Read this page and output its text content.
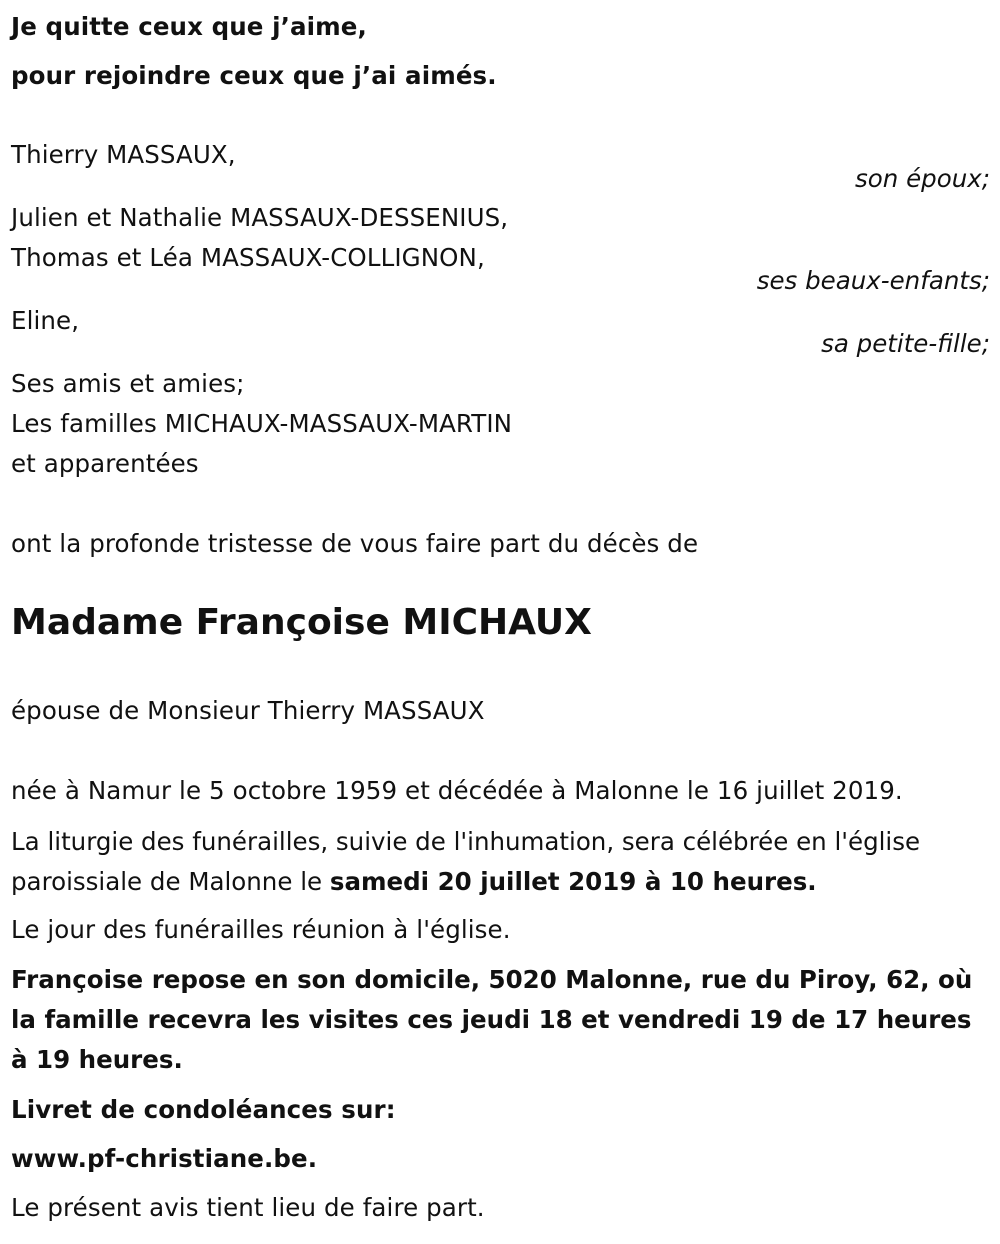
Je quitte ceux que j’aime,
pour rejoindre ceux que j’ai aimés.
Thierry MASSAUX,
son époux;
Julien et Nathalie MASSAUX-DESSENIUS,
Thomas et Léa MASSAUX-COLLIGNON,
ses beaux-enfants;
Eline,
sa petite-fille;
Ses amis et amies;
Les familles MICHAUX-MASSAUX-MARTIN
et apparentées
ont la profonde tristesse de vous faire part du décès de
Madame Françoise MICHAUX
épouse de Monsieur Thierry MASSAUX
née à Namur le 5 octobre 1959 et décédée à Malonne le 16 juillet 2019.
La liturgie des funérailles, suivie de l'inhumation, sera célébrée en l'église paroissiale de Malonne le samedi 20 juillet 2019 à 10 heures.
Le jour des funérailles réunion à l'église.
Françoise repose en son domicile, 5020 Malonne, rue du Piroy, 62, où la famille recevra les visites ces jeudi 18 et vendredi 19 de 17 heures à 19 heures.
Livret de condoléances sur:
www.pf-christiane.be.
Le présent avis tient lieu de faire part.
